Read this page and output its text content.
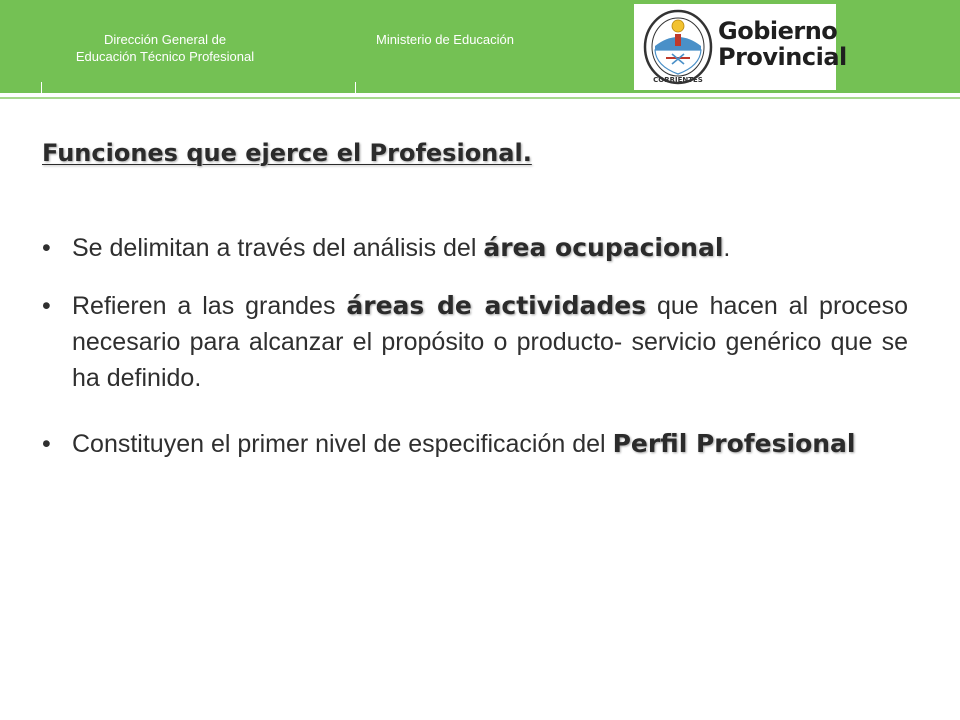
Dirección General de
Educación Técnico Profesional
Ministerio de Educación
CORRIENTES
Gobierno
Provincial
Funciones que ejerce el Profesional.
• Se delimitan a través del análisis del área ocupacional.
• Refieren a las grandes áreas de actividades que hacen al proceso necesario para alcanzar el propósito o producto- servicio genérico que se ha definido.
• Constituyen el primer nivel de especificación del Perfil Profesional
